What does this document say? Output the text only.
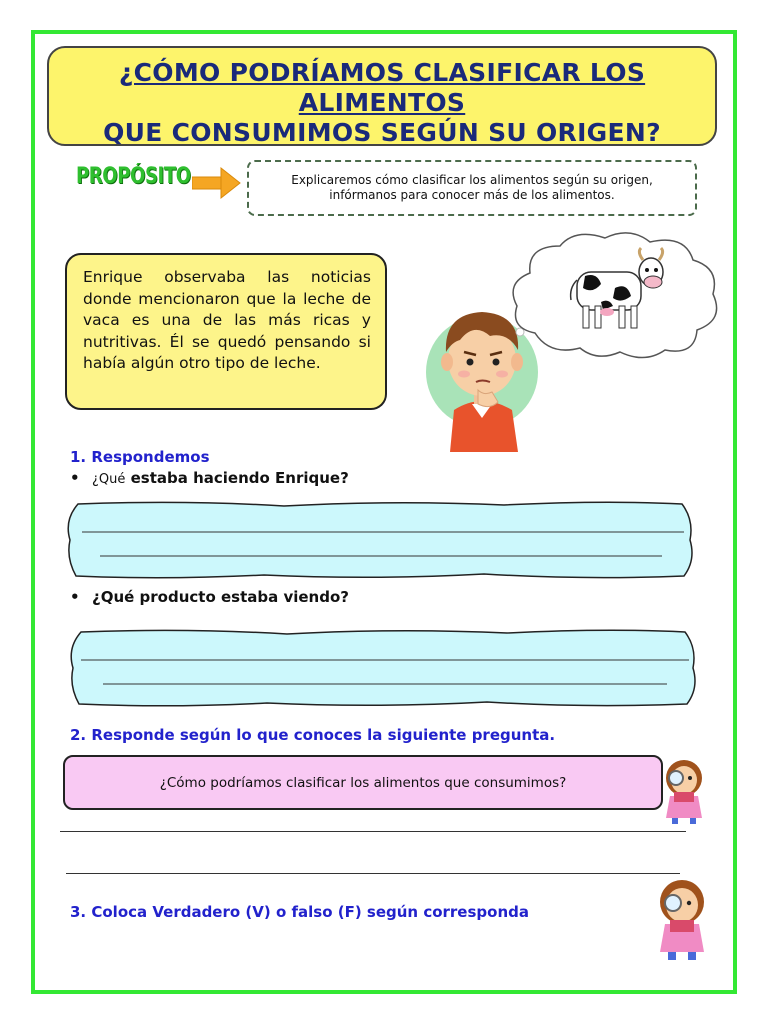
¿CÓMO PODRÍAMOS CLASIFICAR LOS
ALIMENTOS
QUE CONSUMIMOS SEGÚN SU ORIGEN?
PROPÓSITO	Explicaremos cómo clasificar los alimentos según su origen,
infórmanos para conocer más de los alimentos.
Enrique observaba las noticias donde mencionaron que la leche de vaca es una de las más ricas y nutritivas. Él se quedó pensando si había algún otro tipo de leche.
1. Respondemos
• ¿Qué estaba haciendo Enrique?
• ¿Qué producto estaba viendo?
2. Responde según lo que conoces la siguiente pregunta.
¿Cómo podríamos clasificar los alimentos que consumimos?
3. Coloca Verdadero (V) o falso (F) según corresponda
